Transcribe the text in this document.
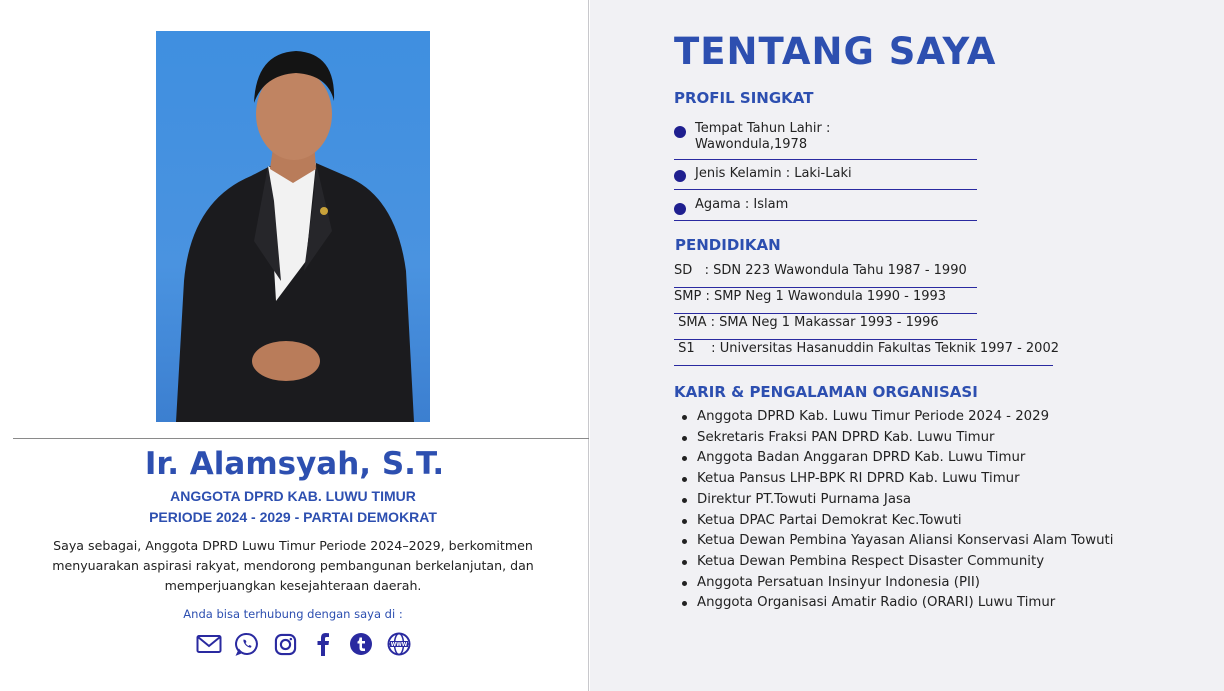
Ir. Alamsyah, S.T.
ANGGOTA DPRD KAB. LUWU TIMUR
PERIODE 2024 - 2029 - PARTAI DEMOKRAT
Saya sebagai, Anggota DPRD Luwu Timur Periode 2024–2029, berkomitmen
menyuarakan aspirasi rakyat, mendorong pembangunan berkelanjutan, dan
memperjuangkan kesejahteraan daerah.
Anda bisa terhubung dengan saya di :
WWW
TENTANG SAYA
PROFIL SINGKAT
Tempat Tahun Lahir :
Wawondula,1978
Jenis Kelamin : Laki-Laki
Agama : Islam
PENDIDIKAN
SD   : SDN 223 Wawondula Tahu 1987 - 1990
SMP : SMP Neg 1 Wawondula 1990 - 1993
SMA : SMA Neg 1 Makassar 1993 - 1996
S1    : Universitas Hasanuddin Fakultas Teknik 1997 - 2002
KARIR & PENGALAMAN ORGANISASI
Anggota DPRD Kab. Luwu Timur Periode 2024 - 2029
Sekretaris Fraksi PAN DPRD Kab. Luwu Timur
Anggota Badan Anggaran DPRD Kab. Luwu Timur
Ketua Pansus LHP-BPK RI DPRD Kab. Luwu Timur
Direktur PT.Towuti Purnama Jasa
Ketua DPAC Partai Demokrat Kec.Towuti
Ketua Dewan Pembina Yayasan Aliansi Konservasi Alam Towuti
Ketua Dewan Pembina Respect Disaster Community
Anggota Persatuan Insinyur Indonesia (PII)
Anggota Organisasi Amatir Radio (ORARI) Luwu Timur
